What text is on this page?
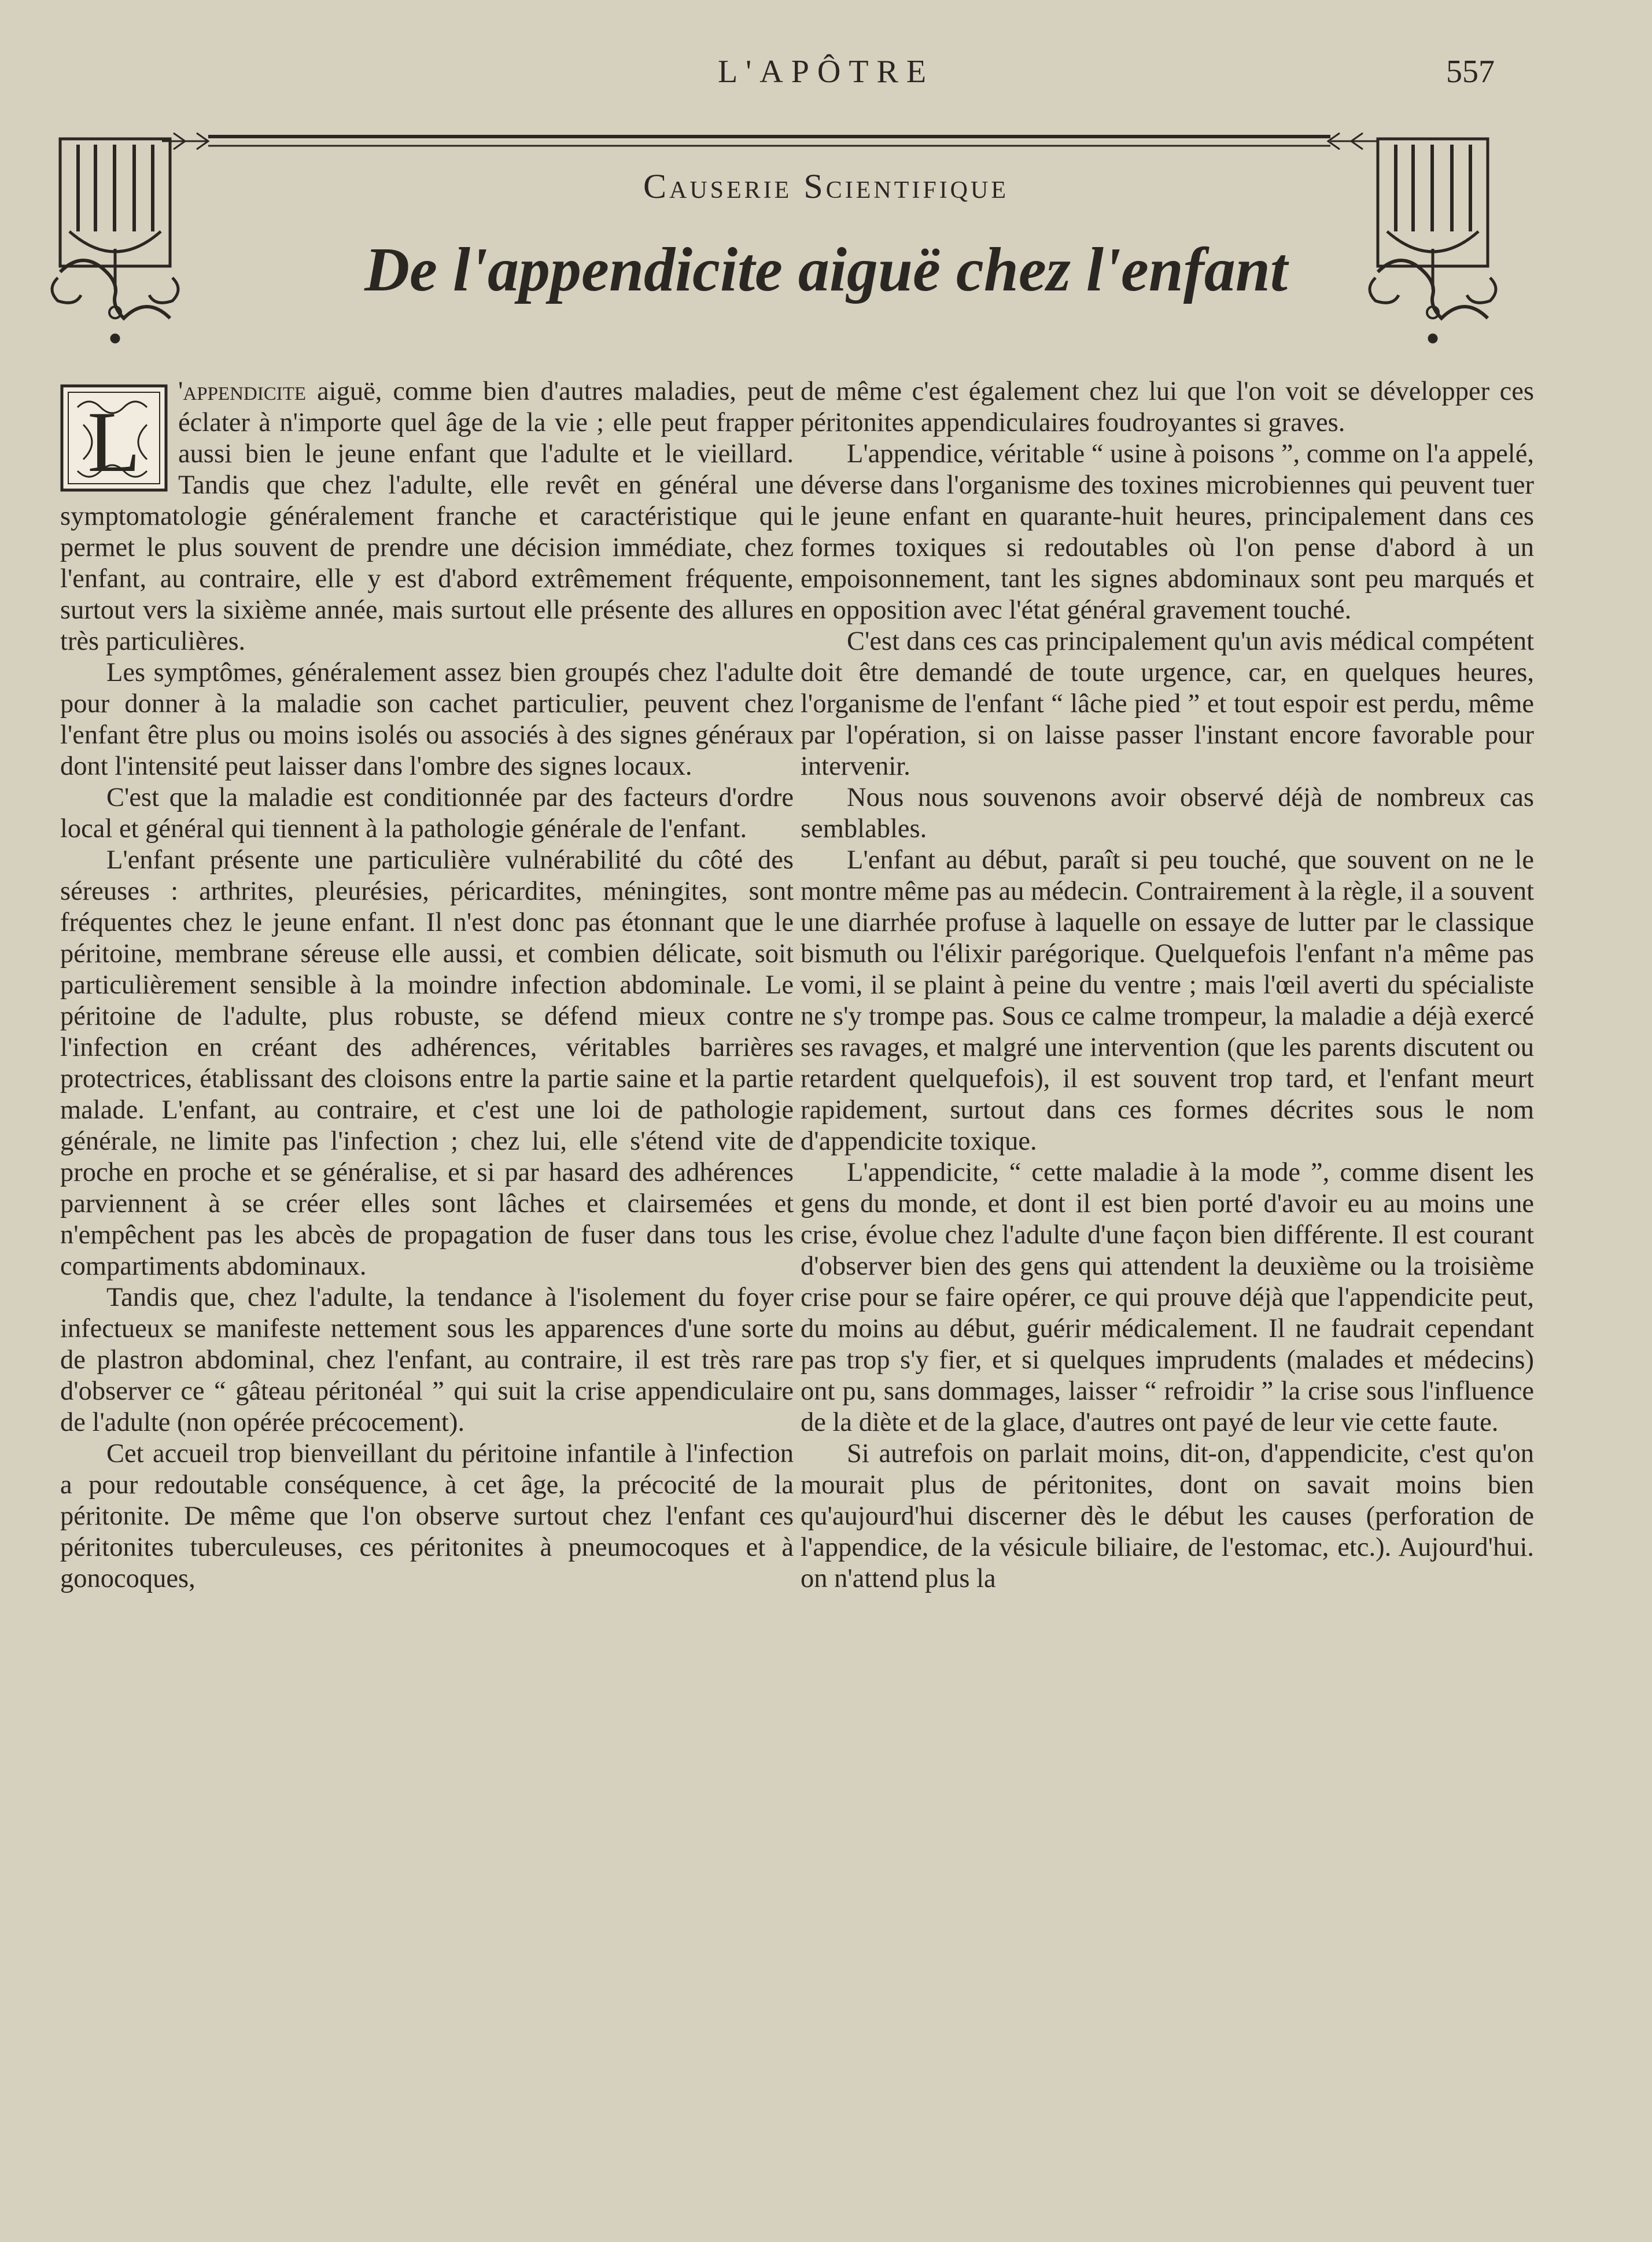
L'APÔTRE	557
Causerie Scientifique
De l'appendicite aiguë chez l'enfant

L
'appendicite aiguë, comme bien d'autres maladies, peut éclater à n'importe quel âge de la vie ; elle peut frapper aussi bien le jeune enfant que l'adulte et le vieillard. Tandis que chez l'adulte, elle revêt en général une symptomatologie généralement franche et caractéristique qui permet le plus souvent de prendre une décision immédiate, chez l'enfant, au contraire, elle y est d'abord extrêmement fréquente, surtout vers la sixième année, mais surtout elle présente des allures très particulières.

Les symptômes, généralement assez bien groupés chez l'adulte pour donner à la maladie son cachet particulier, peuvent chez l'enfant être plus ou moins isolés ou associés à des signes généraux dont l'intensité peut laisser dans l'ombre des signes locaux.

C'est que la maladie est conditionnée par des facteurs d'ordre local et général qui tiennent à la pathologie générale de l'enfant.

L'enfant présente une particulière vulnérabilité du côté des séreuses : arthrites, pleurésies, péricardites, méningites, sont fréquentes chez le jeune enfant. Il n'est donc pas étonnant que le péritoine, membrane séreuse elle aussi, et combien délicate, soit particulièrement sensible à la moindre infection abdominale. Le péritoine de l'adulte, plus robuste, se défend mieux contre l'infection en créant des adhérences, véritables barrières protectrices, établissant des cloisons entre la partie saine et la partie malade. L'enfant, au contraire, et c'est une loi de pathologie générale, ne limite pas l'infection ; chez lui, elle s'étend vite de proche en proche et se généralise, et si par hasard des adhérences parviennent à se créer elles sont lâches et clairsemées et n'empêchent pas les abcès de propagation de fuser dans tous les compartiments abdominaux.

Tandis que, chez l'adulte, la tendance à l'isolement du foyer infectueux se manifeste nettement sous les apparences d'une sorte de plastron abdominal, chez l'enfant, au contraire, il est très rare d'observer ce “ gâteau péritonéal ” qui suit la crise appendiculaire de l'adulte (non opérée précocement).

Cet accueil trop bienveillant du péritoine infantile à l'infection a pour redoutable conséquence, à cet âge, la précocité de la péritonite. De même que l'on observe surtout chez l'enfant ces péritonites tuberculeuses, ces péritonites à pneumocoques et à gonocoques,

de même c'est également chez lui que l'on voit se développer ces péritonites appendiculaires foudroyantes si graves.

L'appendice, véritable “ usine à poisons ”, comme on l'a appelé, déverse dans l'organisme des toxines microbiennes qui peuvent tuer le jeune enfant en quarante-huit heures, principalement dans ces formes toxiques si redoutables où l'on pense d'abord à un empoisonnement, tant les signes abdominaux sont peu marqués et en opposition avec l'état général gravement touché.

C'est dans ces cas principalement qu'un avis médical compétent doit être demandé de toute urgence, car, en quelques heures, l'organisme de l'enfant “ lâche pied ” et tout espoir est perdu, même par l'opération, si on laisse passer l'instant encore favorable pour intervenir.

Nous nous souvenons avoir observé déjà de nombreux cas semblables.

L'enfant au début, paraît si peu touché, que souvent on ne le montre même pas au médecin. Contrairement à la règle, il a souvent une diarrhée profuse à laquelle on essaye de lutter par le classique bismuth ou l'élixir parégorique. Quelquefois l'enfant n'a même pas vomi, il se plaint à peine du ventre ; mais l'œil averti du spécialiste ne s'y trompe pas. Sous ce calme trompeur, la maladie a déjà exercé ses ravages, et malgré une intervention (que les parents discutent ou retardent quelquefois), il est souvent trop tard, et l'enfant meurt rapidement, surtout dans ces formes décrites sous le nom d'appendicite toxique.

L'appendicite, “ cette maladie à la mode ”, comme disent les gens du monde, et dont il est bien porté d'avoir eu au moins une crise, évolue chez l'adulte d'une façon bien différente. Il est courant d'observer bien des gens qui attendent la deuxième ou la troisième crise pour se faire opérer, ce qui prouve déjà que l'appendicite peut, du moins au début, guérir médicalement. Il ne faudrait cependant pas trop s'y fier, et si quelques imprudents (malades et médecins) ont pu, sans dommages, laisser “ refroidir ” la crise sous l'influence de la diète et de la glace, d'autres ont payé de leur vie cette faute.

Si autrefois on parlait moins, dit-on, d'appendicite, c'est qu'on mourait plus de péritonites, dont on savait moins bien qu'aujourd'hui discerner dès le début les causes (perforation de l'appendice, de la vésicule biliaire, de l'estomac, etc.). Aujourd'hui. on n'attend plus la
